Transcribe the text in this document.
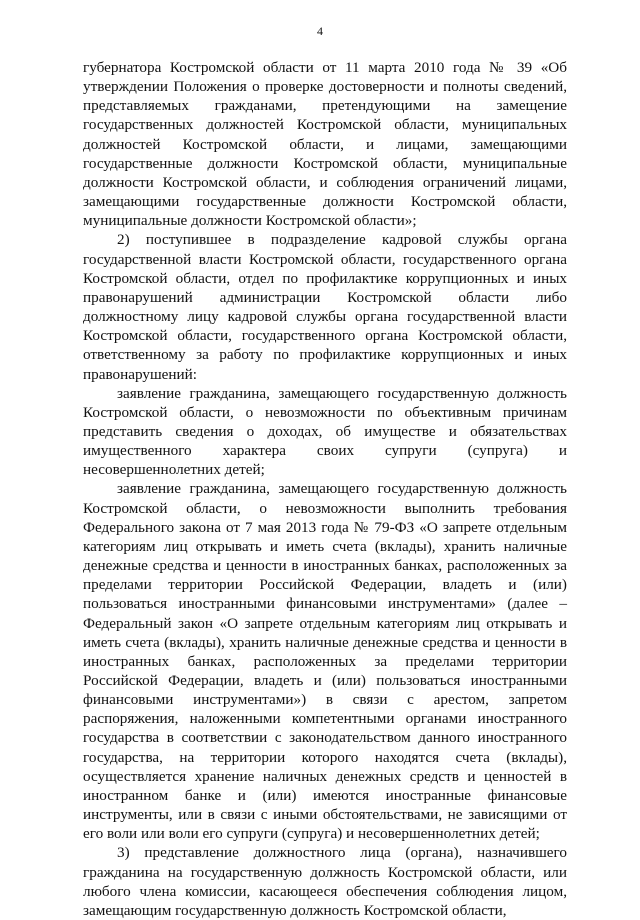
4

губернатора Костромской области от 11 марта 2010 года № 39 «Об утверждении Положения о проверке достоверности и полноты сведений, представляемых гражданами, претендующими на замещение государственных должностей Костромской области, муниципальных должностей Костромской области, и лицами, замещающими государственные должности Костромской области, муниципальные должности Костромской области, и соблюдения ограничений лицами, замещающими государственные должности Костромской области, муниципальные должности Костромской области»;

2) поступившее в подразделение кадровой службы органа государственной власти Костромской области, государственного органа Костромской области, отдел по профилактике коррупционных и иных правонарушений администрации Костромской области либо должностному лицу кадровой службы органа государственной власти Костромской области, государственного органа Костромской области, ответственному за работу по профилактике коррупционных и иных правонарушений:

заявление гражданина, замещающего государственную должность Костромской области, о невозможности по объективным причинам представить сведения о доходах, об имуществе и обязательствах имущественного характера своих супруги (супруга) и несовершеннолетних детей;

заявление гражданина, замещающего государственную должность Костромской области, о невозможности выполнить требования Федерального закона от 7 мая 2013 года № 79-ФЗ «О запрете отдельным категориям лиц открывать и иметь счета (вклады), хранить наличные денежные средства и ценности в иностранных банках, расположенных за пределами территории Российской Федерации, владеть и (или) пользоваться иностранными финансовыми инструментами» (далее – Федеральный закон «О запрете отдельным категориям лиц открывать и иметь счета (вклады), хранить наличные денежные средства и ценности в иностранных банках, расположенных за пределами территории Российской Федерации, владеть и (или) пользоваться иностранными финансовыми инструментами») в связи с арестом, запретом распоряжения, наложенными компетентными органами иностранного государства в соответствии с законодательством данного иностранного государства, на территории которого находятся счета (вклады), осуществляется хранение наличных денежных средств и ценностей в иностранном банке и (или) имеются иностранные финансовые инструменты, или в связи с иными обстоятельствами, не зависящими от его воли или воли его супруги (супруга) и несовершеннолетних детей;

3) представление должностного лица (органа), назначившего гражданина на государственную должность Костромской области, или любого члена комиссии, касающееся обеспечения соблюдения лицом, замещающим государственную должность Костромской области,
